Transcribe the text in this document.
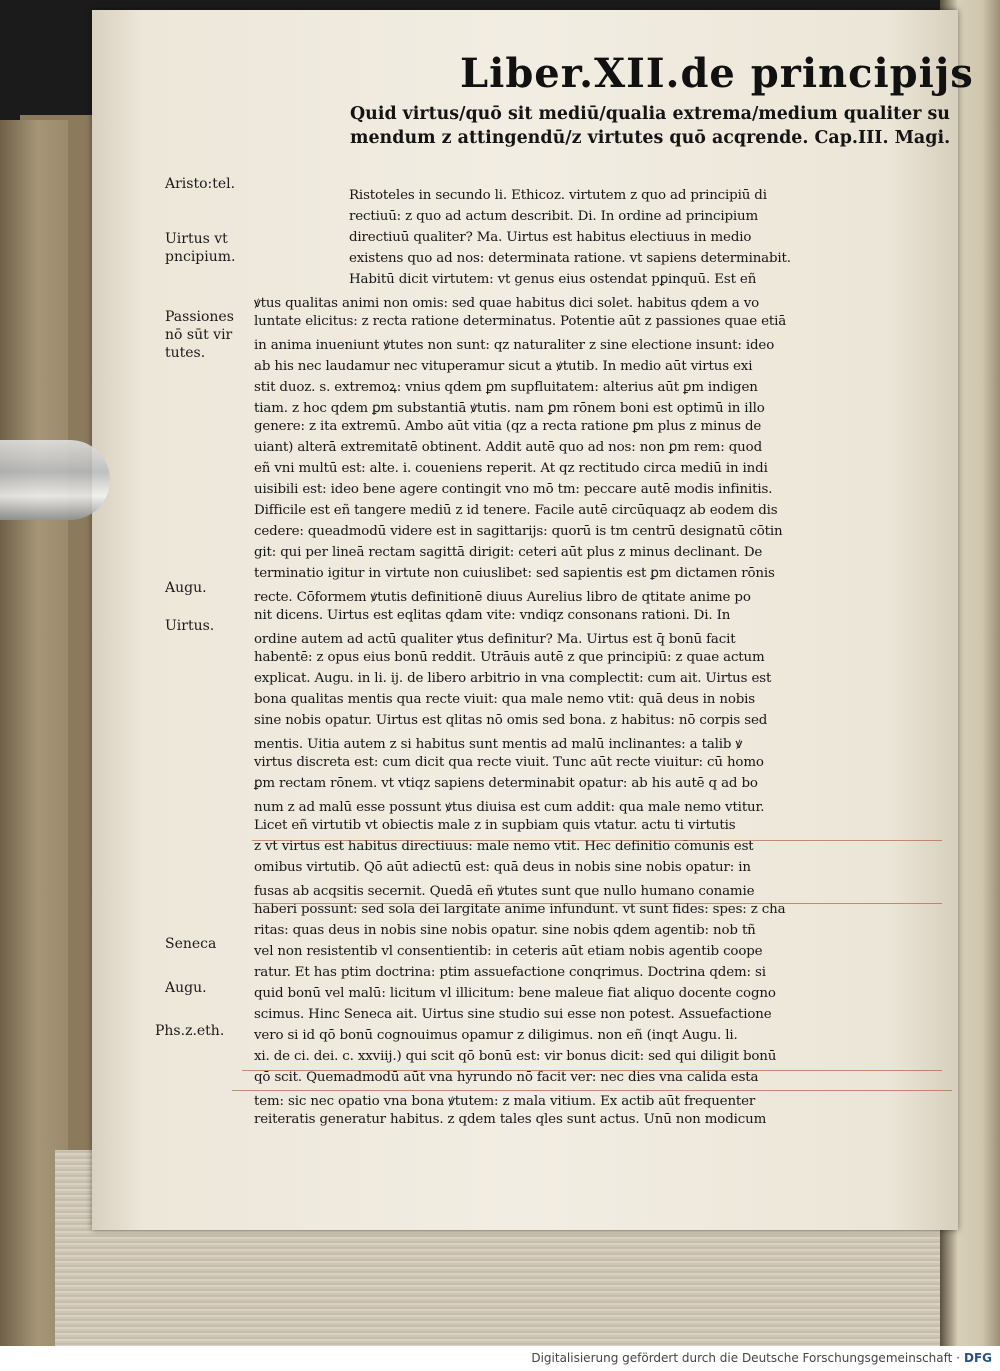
Liber.XII.de principijs
Quid virtus/quō sit mediū/qualia extrema/medium qualiter su
mendum z attingendū/z virtutes quō acqrende. Cap.III. Magi.
Aristo:tel.
Uirtus vt
pncipium.
Passiones
nō sūt vir
tutes.
Augu.
Uirtus.
Seneca
Augu.
Phs.z.eth.
Ristoteles in secundo li. Ethicoz. virtutem z quo ad principiū di
rectiuū: z quo ad actum describit. Di. In ordine ad principium
directiuū qualiter? Ma. Uirtus est habitus electiuus in medio
existens quo ad nos: determinata ratione. vt sapiens determinabit.
Habitū dicit virtutem: vt genus eius ostendat pꝑinquū. Est eñ
ꝟtus qualitas animi non omis: sed quae habitus dici solet. habitus qdem a vo
luntate elicitus: z recta ratione determinatus. Potentie aūt z passiones quae etiā
in anima inueniunt ꝟtutes non sunt: qz naturaliter z sine electione insunt: ideo
ab his nec laudamur nec vituperamur sicut a ꝟtutib. In medio aūt virtus exi
stit duoz. s. extremoꝝ: vnius qdem ꝑm supfluitatem: alterius aūt ꝑm indigen
tiam. z hoc qdem ꝑm substantiā ꝟtutis. nam ꝑm rōnem boni est optimū in illo
genere: z ita extremū. Ambo aūt vitia (qz a recta ratione ꝑm plus z minus de
uiant) alterā extremitatē obtinent. Addit autē quo ad nos: non ꝑm rem: quod
eñ vni multū est: alte. i. coueniens reperit. At qz rectitudo circa mediū in indi
uisibili est: ideo bene agere contingit vno mō tm: peccare autē modis infinitis.
Difficile est eñ tangere mediū z id tenere. Facile autē circūquaqz ab eodem dis
cedere: queadmodū videre est in sagittarijs: quorū is tm centrū designatū cōtin
git: qui per lineā rectam sagittā dirigit: ceteri aūt plus z minus declinant. De
terminatio igitur in virtute non cuiuslibet: sed sapientis est ꝑm dictamen rōnis
recte. Cōformem ꝟtutis definitionē diuus Aurelius libro de qtitate anime po
nit dicens. Uirtus est eqlitas qdam vite: vndiqz consonans rationi. Di. In
ordine autem ad actū qualiter ꝟtus definitur? Ma. Uirtus est q̄ bonū facit
habentē: z opus eius bonū reddit. Utrāuis autē z que principiū: z quae actum
explicat. Augu. in li. ij. de libero arbitrio in vna complectit: cum ait. Uirtus est
bona qualitas mentis qua recte viuit: qua male nemo vtit: quā deus in nobis
sine nobis opatur. Uirtus est qlitas nō omis sed bona. z habitus: nō corpis sed
mentis. Uitia autem z si habitus sunt mentis ad malū inclinantes: a talib ꝟ
virtus discreta est: cum dicit qua recte viuit. Tunc aūt recte viuitur: cū homo
ꝑm rectam rōnem. vt vtiqz sapiens determinabit opatur: ab his autē q ad bo
num z ad malū esse possunt ꝟtus diuisa est cum addit: qua male nemo vtitur.
Licet eñ virtutib vt obiectis male z in supbiam quis vtatur. actu ti virtutis
z vt virtus est habitus directiuus: male nemo vtit. Hec definitio cōmunis est
omibus virtutib. Qō aūt adiectū est: quā deus in nobis sine nobis opatur: in
fusas ab acqsitis secernit. Quedā eñ ꝟtutes sunt que nullo humano conamie
haberi possunt: sed sola dei largitate anime infundunt. vt sunt fides: spes: z cha
ritas: quas deus in nobis sine nobis opatur. sine nobis qdem agentib: nob tñ
vel non resistentib vl consentientib: in ceteris aūt etiam nobis agentib coope
ratur. Et has ptim doctrina: ptim assuefactione conqrimus. Doctrina qdem: si
quid bonū vel malū: licitum vl illicitum: bene maleue fiat aliquo docente cogno
scimus. Hinc Seneca ait. Uirtus sine studio sui esse non potest. Assuefactione
vero si id qō bonū cognouimus opamur z diligimus. non eñ (inqt Augu. li.
xi. de ci. dei. c. xxviij.) qui scit qō bonū est: vir bonus dicit: sed qui diligit bonū
qō scit. Quemadmodū aūt vna hyrundo nō facit ver: nec dies vna calida esta
tem: sic nec opatio vna bona ꝟtutem: z mala vitium. Ex actib aūt frequenter
reiteratis generatur habitus. z qdem tales qles sunt actus. Unū non modicum
Digitalisierung gefördert durch die Deutsche Forschungsgemeinschaft · DFG
